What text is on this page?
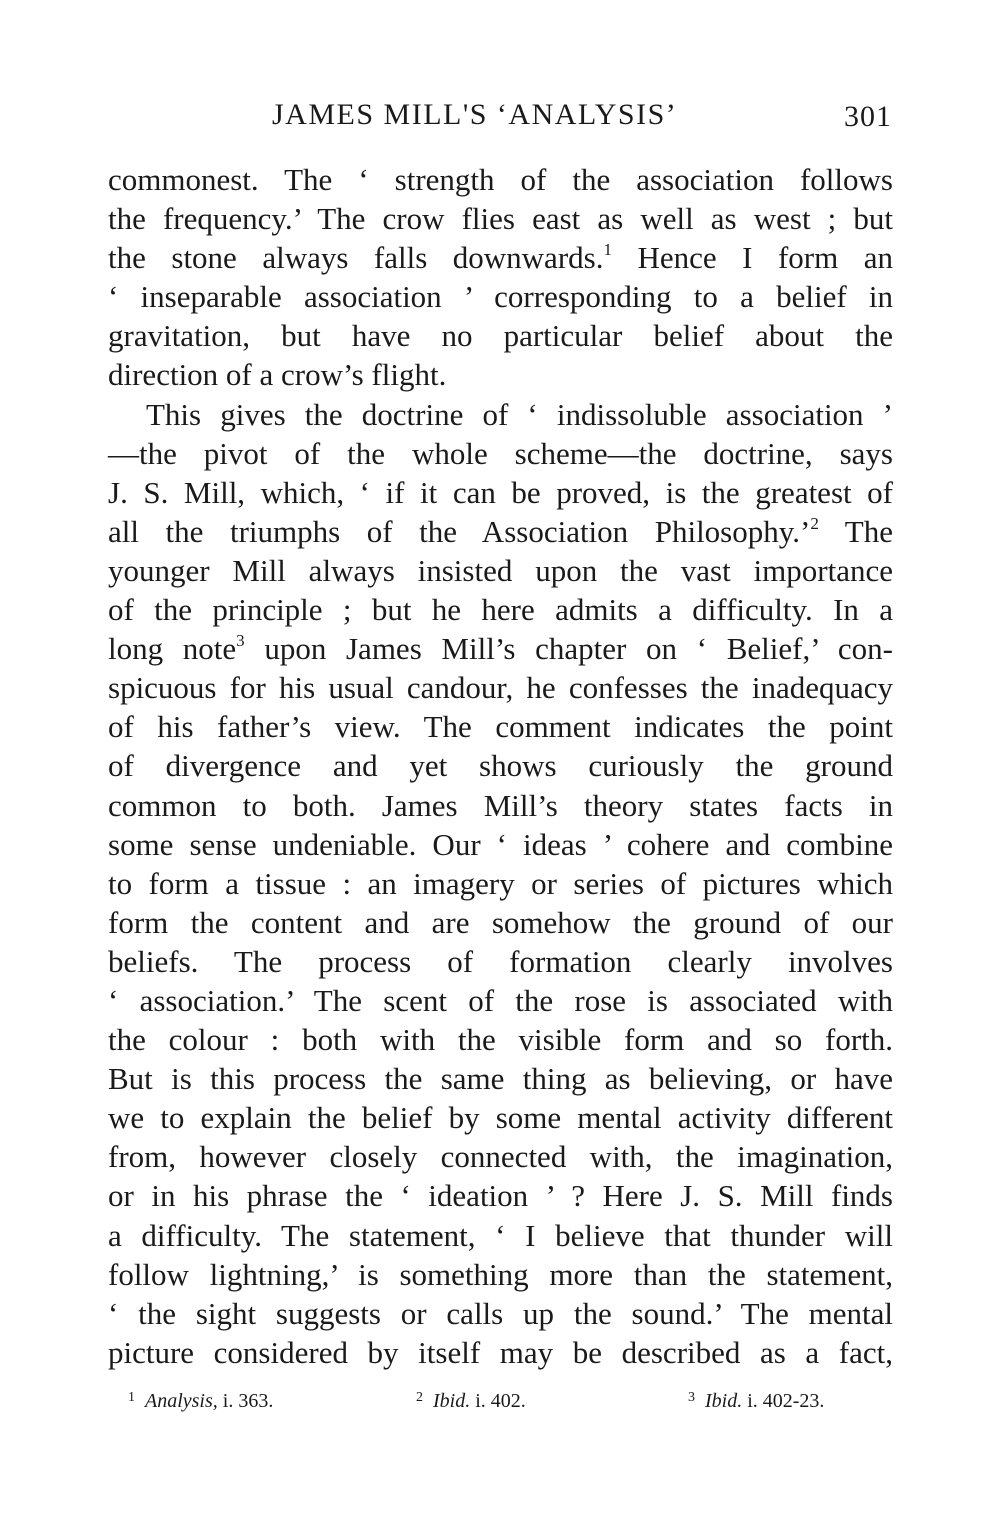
JAMES MILL'S ‘ANALYSIS’	301
commonest. The ‘ strength of the association follows
the frequency.’ The crow flies east as well as west ; but
the stone always falls downwards.$^1$ Hence I form an
‘ inseparable association ’ corresponding to a belief in
gravitation, but have no particular belief about the
direction of a crow’s flight.
This gives the doctrine of ‘ indissoluble association ’
—the pivot of the whole scheme—the doctrine, says
J. S. Mill, which, ‘ if it can be proved, is the greatest of
all the triumphs of the Association Philosophy.’$^2$ The
younger Mill always insisted upon the vast importance
of the principle ; but he here admits a difficulty. In a
long note$^3$ upon James Mill’s chapter on ‘ Belief,’ con-
spicuous for his usual candour, he confesses the inadequacy
of his father’s view. The comment indicates the point
of divergence and yet shows curiously the ground
common to both. James Mill’s theory states facts in
some sense undeniable. Our ‘ ideas ’ cohere and combine
to form a tissue : an imagery or series of pictures which
form the content and are somehow the ground of our
beliefs. The process of formation clearly involves
‘ association.’ The scent of the rose is associated with
the colour : both with the visible form and so forth.
But is this process the same thing as believing, or have
we to explain the belief by some mental activity different
from, however closely connected with, the imagination,
or in his phrase the ‘ ideation ’ ? Here J. S. Mill finds
a difficulty. The statement, ‘ I believe that thunder will
follow lightning,’ is something more than the statement,
‘ the sight suggests or calls up the sound.’ The mental
picture considered by itself may be described as a fact,
$^1$ Analysis, i. 363.	$^2$ Ibid. i. 402.	$^3$ Ibid. i. 402-23.
